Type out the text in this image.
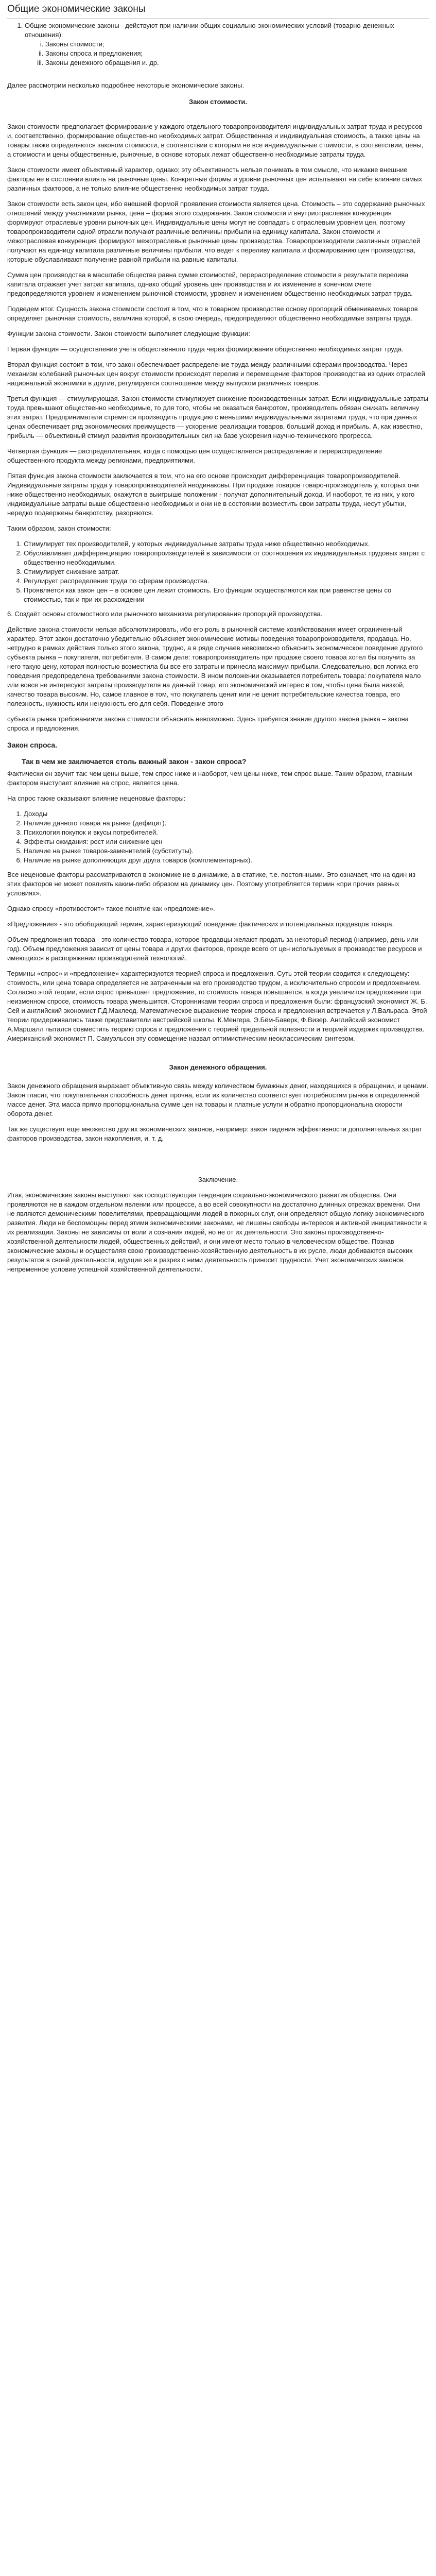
Общие экономические законы
1. Общие экономические законы - действуют при наличии общих социально-экономических условий (товарно-денежных отношения):
i. Законы стоимости;
ii. Законы спроса и предложения;
iii. Законы денежного обращения и. др.

Далее рассмотрим несколько подробнее некоторые экономические законы.

Закон стоимости.

Закон стоимости предполагает формирование у каждого отдельного товаропроизводителя индивидуальных затрат труда и ресурсов и, соответственно, формирование общественно необходимых затрат. Общественная и индивидуальная стоимость, а также цены на товары также определяются законом стоимости, в соответствии с которым не все индивидуальные стоимости, в соответствии, цены, а стоимости и цены общественные, рыночные, в основе которых лежат общественно необходимые затраты труда.

Закон стоимости имеет объективный характер, однако; эту объективность нельзя понимать в том смысле, что никакие внешние факторы не в состоянии влиять на рыночные цены. Конкретные формы и уровни рыночных цен испытывают на себе влияние самых различных факторов, а не только влияние общественно необходимых затрат труда.

Закон стоимости есть закон цен, ибо внешней формой проявления стоимости является цена. Стоимость – это содержание рыночных отношений между участниками рынка, цена – форма этого содержания. Закон стоимости и внутриотраслевая конкуренция формируют отраслевые уровни рыночных цен. Индивидуальные цены могут не совпадать с отраслевым уровнем цен, поэтому товаропроизводители одной отрасли получают различные величины прибыли на единицу капитала. Закон стоимости и межотраслевая конкуренция формируют межотраслевые рыночные цены производства. Товаропроизводители различных отраслей получают на единицу капитала различные величины прибыли, что ведет к переливу капитала и формированию цен производства, которые обуславливают получение равной прибыли на равные капиталы.

Сумма цен производства в масштабе общества равна сумме стоимостей, перераспределение стоимости в результате перелива капитала отражает учет затрат капитала, однако общий уровень цен производства и их изменение в конечном счете предопределяются уровнем и изменением рыночной стоимости, уровнем и изменением общественно необходимых затрат труда.

Подведем итог. Сущность закона стоимости состоит в том, что в товарном производстве основу пропорций обмениваемых товаров определяет рыночная стоимость, величина которой, в свою очередь, предопределяют общественно необходимые затраты труда.

Функции закона стоимости. Закон стоимости выполняет следующие функции:

Первая функция — осуществление учета общественного труда через формирование общественно необходимых затрат труда.

Вторая функция состоит в том, что закон обеспечивает распределение труда между различными сферами производства. Через механизм колебаний рыночных цен вокруг стоимости происходят перелив и перемещение факторов производства из одних отраслей национальной экономики в другие, регулируется соотношение между выпуском различных товаров.

Третья функция — стимулирующая. Закон стоимости стимулирует снижение производственных затрат. Если индивидуальные затраты труда превышают общественно необходимые, то для того, чтобы не оказаться банкротом, производитель обязан снижать величину этих затрат. Предприниматели стремятся производить продукцию с меньшими индивидуальными затратами труда, что при данных ценах обеспечивает ряд экономических преимуществ — ускорение реализации товаров, больший доход и прибыль. А, как известно, прибыль — объективный стимул развития производительных сил на базе ускорения научно-технического прогресса.

Четвертая функция — распределительная, когда с помощью цен осуществляется распределение и перераспределение общественного продукта между регионами, предприятиями.

Пятая функция закона стоимости заключается в том, что на его основе происходит дифференциация товаропроизводителей. Индивидуальные затраты труда у товаропроизводителей неодинаковы. При продаже товаров товаро-производитель у, которых они ниже общественно необходимых, окажутся в выигрыше положении - получат дополнительный доход. И наоборот, те из них, у кого индивидуальные затраты выше общественно необходимых и они не в состоянии возместить свои затраты труда, несут убытки, нередко подвержены банкротству, разоряются.

Таким образом, закон стоимости:

1. Стимулирует тех производителей, у которых индивидуальные затраты труда ниже общественно необходимых.
2. Обуславливает дифференциацию товаропроизводителей в зависимости от соотношения их индивидуальных трудовых затрат с общественно необходимыми.
3. Стимулирует снижение затрат.
4. Регулирует распределение труда по сферам производства.
5. Проявляется как закон цен – в основе цен лежит стоимость. Его функции осуществляются как при равенстве цены со стоимостью, так и при их расхождении

6. Создаёт основы стоимостного или рыночного механизма регулирования пропорций производства.

Действие закона стоимости нельзя абсолютизировать, ибо его роль в рыночной системе хозяйствования имеет ограниченный характер. Этот закон достаточно убедительно объясняет экономические мотивы поведения товаропроизводителя, продавца. Но, нетрудно в рамках действия только этого закона, трудно, а в ряде случаев невозможно объяснить экономическое поведение другого субъекта рынка – покупателя, потребителя. В самом деле: товаропроизводитель при продаже своего товара хотел бы получить за него такую цену, которая полностью возместила бы все его затраты и принесла максимум прибыли. Следовательно, вся логика его поведения предопределена требованиями закона стоимости. В ином положении оказывается потребитель товара: покупателя мало или вовсе не интересуют затраты производителя на данный товар, его экономический интерес в том, чтобы цена была низкой, качество товара высоким. Но, самое главное в том, что покупатель ценит или не ценит потребительские качества товара, его полезность, нужность или ненужность его для себя. Поведение этого

субъекта рынка требованиями закона стоимости объяснить невозможно. Здесь требуется знание другого закона рынка – закона спроса и предложения.

Закон спроса.
Так в чем же заключается столь важный закон - закон спроса?

Фактически он звучит так: чем цены выше, тем спрос ниже и наоборот, чем цены ниже, тем спрос выше. Таким образом, главным фактором выступает влияние на спрос, является цена.

На спрос также оказывают влияние неценовые факторы:

1. Доходы
2. Наличие данного товара на рынке (дефицит).
3. Психология покупок и вкусы потребителей.
4. Эффекты ожидания: рост или снижение цен
5. Наличие на рынке товаров-заменителей (субституты).
6. Наличие на рынке дополняющих друг друга товаров (комплементарных).

Все неценовые факторы рассматриваются в экономике не в динамике, а в статике, т.е. постоянными. Это означает, что на один из этих факторов не может повлиять каким-либо образом на динамику цен. Поэтому употребляется термин «при прочих равных условиях».

Однако спросу «противостоит» такое понятие как «предложение».

«Предложение» - это обобщающий термин, характеризующий поведение фактических и потенциальных продавцов товара.

Объем предложения товара - это количество товара, которое продавцы желают продать за некоторый период (например, день или год). Объем предложения зависит от цены товара и других факторов, прежде всего от цен используемых в производстве ресурсов и имеющихся в распоряжении производителей технологий.

Термины «спрос» и «предложение» характеризуются теорией спроса и предложения. Суть этой теории сводится к следующему: стоимость, или цена товара определяется не затраченным на его производство трудом, а исключительно спросом и предложением. Согласно этой теории, если спрос превышает предложение, то стоимость товара повышается, а когда увеличится предложение при неизменном спросе, стоимость товара уменьшится. Сторонниками теории спроса и предложения были: французский экономист Ж. Б. Сей и английский экономист Г.Д.Маклеод. Математическое выражение теории спроса и предложения встречается у Л.Вальраса. Этой теории придерживались также представители австрийской школы. К.Менгера, Э.Бём-Баверк, Ф.Визер. Английский экономист А.Маршалл пытался совместить теорию спроса и предложения с теорией предельной полезности и теорией издержек производства. Американский экономист П. Самуэльсон эту совмещение назвал оптимистическим неоклассическим синтезом.

Закон денежного обращения.

Закон денежного обращения выражает объективную связь между количеством бумажных денег, находящихся в обращении, и ценами. Закон гласит, что покупательная способность денег прочна, если их количество соответствует потребностям рынка в определенной массе денег. Эта масса прямо пропорциональна сумме цен на товары и платные услуги и обратно пропорциональна скорости оборота денег.

Так же существует еще множество других экономических законов, например: закон падения эффективности дополнительных затрат факторов производства, закон накопления, и. т. д.

Заключение.

Итак, экономические законы выступают как господствующая тенденция социально-экономического развития общества. Они проявляются не в каждом отдельном явлении или процессе, а во всей совокупности на достаточно длинных отрезках времени. Они не являются демоническими повелителями, превращающими людей в покорных слуг, они определяют общую логику экономического развития. Люди не беспомощны перед этими экономическими законами, не лишены свободы интересов и активной инициативности в их реализации. Законы не зависимы от воли и сознания людей, но не от их деятельности. Это законы производственно-хозяйственной деятельности людей, общественных действий, и они имеют место только в человеческом обществе. Познав экономические законы и осуществляя свою производственно-хозяйственную деятельность в их русле, люди добиваются высоких результатов в своей деятельности, идущие же в разрез с ними деятельность приносит трудности. Учет экономических законов непременное условие успешной хозяйственной деятельности.
